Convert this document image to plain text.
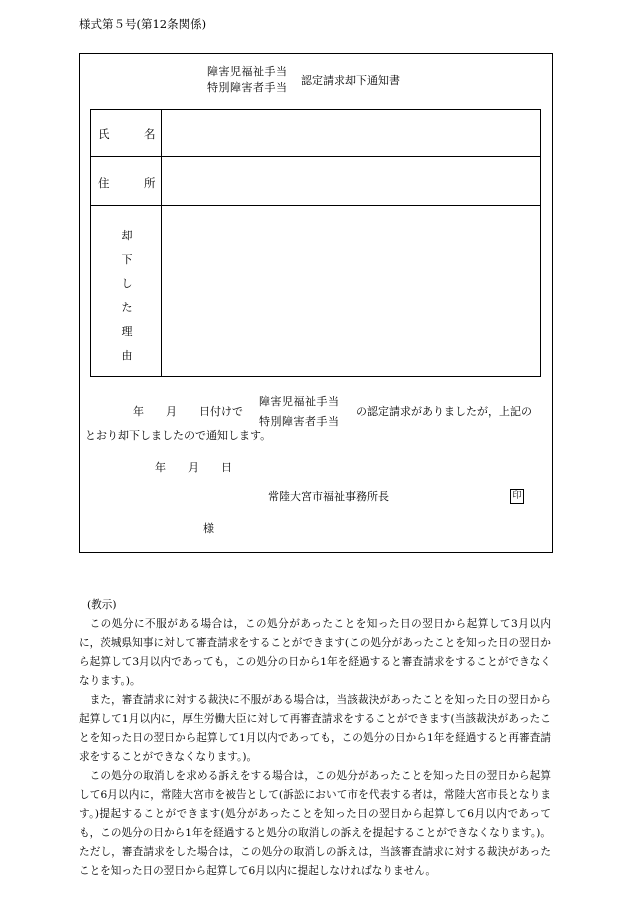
様式第５号(第12条関係)
障害児福祉手当
特別障害者手当
認定請求却下通知書
氏　　　名
住　　　所
却
下
し
た
理
由
年　　月　　日付けで
障害児福祉手当
特別障害者手当
の認定請求がありましたが，上記の
とおり却下しましたので通知します。
年　　月　　日
常陸大宮市福祉事務所長	印
様

(教示)

この処分に不服がある場合は，この処分があったことを知った日の翌日から起算して3月以内に，茨城県知事に対して審査請求をすることができます(この処分があったことを知った日の翌日から起算して3月以内であっても，この処分の日から1年を経過すると審査請求をすることができなくなります。)。

また，審査請求に対する裁決に不服がある場合は，当該裁決があったことを知った日の翌日から起算して1月以内に，厚生労働大臣に対して再審査請求をすることができます(当該裁決があったことを知った日の翌日から起算して1月以内であっても，この処分の日から1年を経過すると再審査請求をすることができなくなります。)。

この処分の取消しを求める訴えをする場合は，この処分があったことを知った日の翌日から起算して6月以内に，常陸大宮市を被告として(訴訟において市を代表する者は，常陸大宮市長となります。)提起することができます(処分があったことを知った日の翌日から起算して6月以内であっても，この処分の日から1年を経過すると処分の取消しの訴えを提起することができなくなります。)。ただし，審査請求をした場合は，この処分の取消しの訴えは，当該審査請求に対する裁決があったことを知った日の翌日から起算して6月以内に提起しなければなりません。
